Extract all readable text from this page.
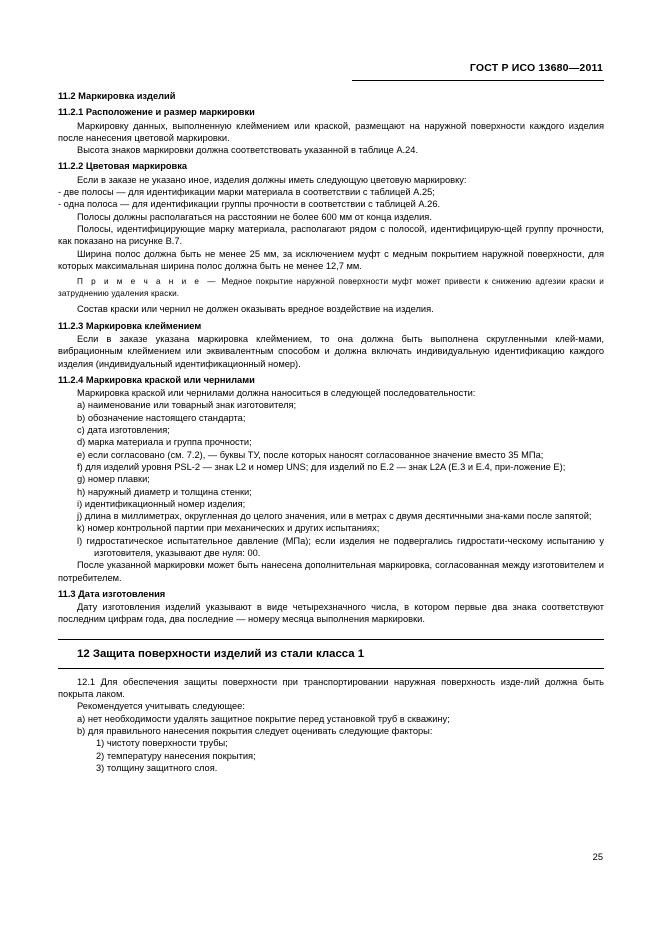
ГОСТ Р ИСО 13680—2011
11.2 Маркировка изделий
11.2.1 Расположение и размер маркировки

Маркировку данных, выполненную клеймением или краской, размещают на наружной поверхности каждого изделия после нанесения цветовой маркировки.

Высота знаков маркировки должна соответствовать указанной в таблице А.24.

11.2.2 Цветовая маркировка

Если в заказе не указано иное, изделия должны иметь следующую цветовую маркировку:

- две полосы — для идентификации марки материала в соответствии с таблицей А.25;

- одна полоса — для идентификации группы прочности в соответствии с таблицей А.26.

Полосы должны располагаться на расстоянии не более 600 мм от конца изделия.

Полосы, идентифицирующие марку материала, располагают рядом с полосой, идентифицирую-щей группу прочности, как показано на рисунке В.7.

Ширина полос должна быть не менее 25 мм, за исключением муфт с медным покрытием наружной поверхности, для которых максимальная ширина полос должна быть не менее 12,7 мм.

П р и м е ч а н и е — Медное покрытие наружной поверхности муфт может привести к снижению адгезии краски и затруднению удаления краски.

Состав краски или чернил не должен оказывать вредное воздействие на изделия.

11.2.3 Маркировка клеймением

Если в заказе указана маркировка клеймением, то она должна быть выполнена скругленными клей-мами, вибрационным клеймением или эквивалентным способом и должна включать индивидуальную идентификацию каждого изделия (индивидуальный идентификационный номер).

11.2.4 Маркировка краской или чернилами

Маркировка краской или чернилами должна наноситься в следующей последовательности:

a) наименование или товарный знак изготовителя;

b) обозначение настоящего стандарта;

c) дата изготовления;

d) марка материала и группа прочности;

e) если согласовано (см. 7.2), — буквы ТУ, после которых наносят согласованное значение вместо 35 МПа;

f) для изделий уровня PSL-2 — знак L2 и номер UNS; для изделий по Е.2 — знак L2A (Е.3 и Е.4, при-ложение Е);

g) номер плавки;

h) наружный диаметр и толщина стенки;

i) идентификационный номер изделия;

j) длина в миллиметрах, округленная до целого значения, или в метрах с двумя десятичными зна-ками после запятой;

k) номер контрольной партии при механических и других испытаниях;

l) гидростатическое испытательное давление (МПа); если изделия не подвергались гидростати-ческому испытанию у изготовителя, указывают две нуля: 00.

После указанной маркировки может быть нанесена дополнительная маркировка, согласованная между изготовителем и потребителем.

11.3 Дата изготовления

Дату изготовления изделий указывают в виде четырехзначного числа, в котором первые два знака соответствуют последним цифрам года, два последние — номеру месяца выполнения маркировки.

12 Защита поверхности изделий из стали класса 1

12.1 Для обеспечения защиты поверхности при транспортировании наружная поверхность изде-лий должна быть покрыта лаком.

Рекомендуется учитывать следующее:

a) нет необходимости удалять защитное покрытие перед установкой труб в скважину;

b) для правильного нанесения покрытия следует оценивать следующие факторы:

1) чистоту поверхности трубы;

2) температуру нанесения покрытия;

3) толщину защитного слоя.

25
